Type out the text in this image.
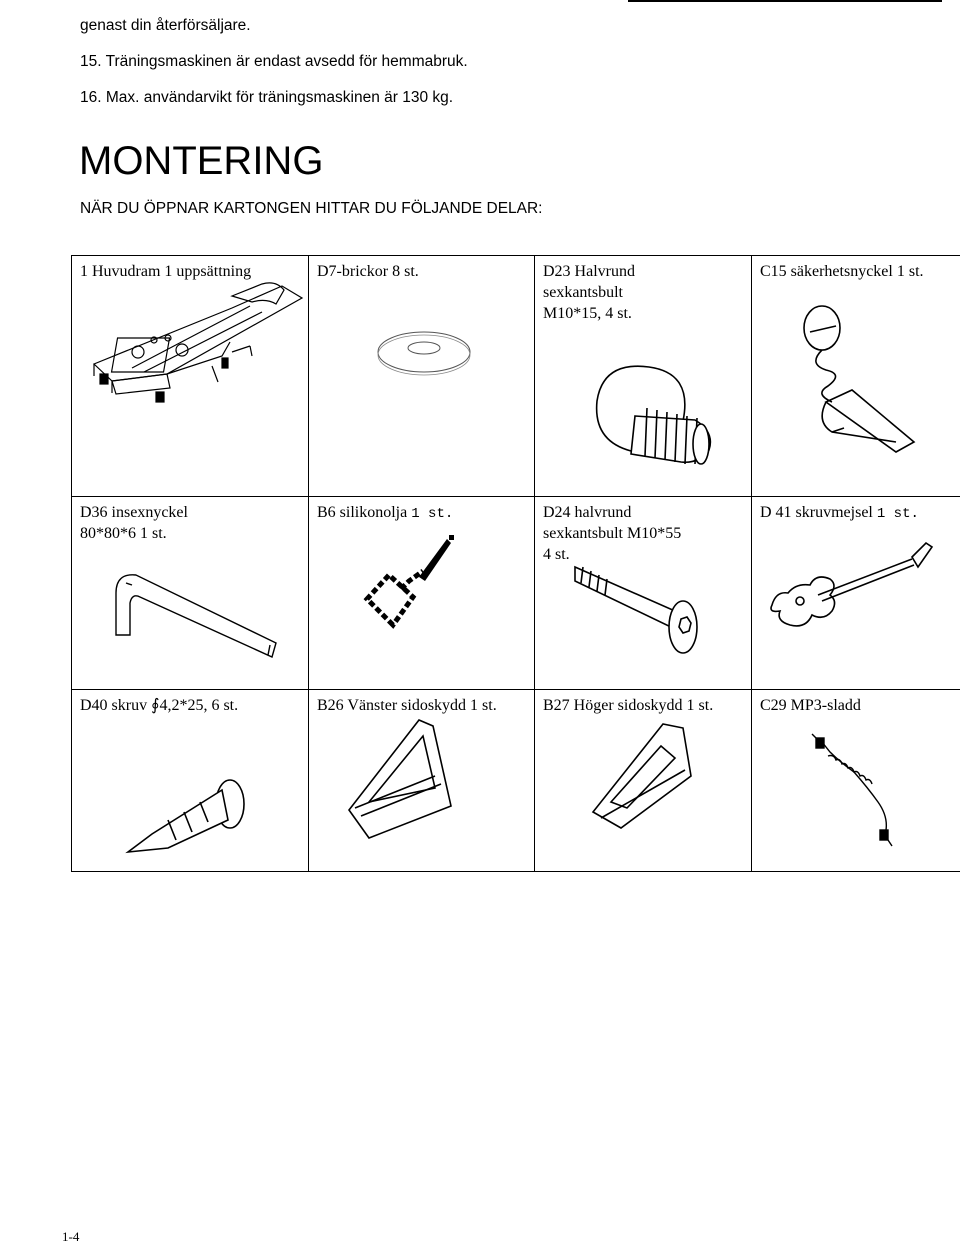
genast din återförsäljare.
15. Träningsmaskinen är endast avsedd för hemmabruk.
16. Max. användarvikt för träningsmaskinen är 130 kg.
MONTERING
NÄR DU ÖPPNAR KARTONGEN HITTAR DU FÖLJANDE DELAR:
1 Huvudram 1 uppsättning	D7-brickor 8 st.	D23 Halvrund
sexkantsbult
M10*15, 4 st.	C15 säkerhetsnyckel 1 st.

D36 insexnyckel
80*80*6 1 st.	B6 silikonolja 1 st.	D24 halvrund
sexkantsbult M10*55
4 st.	D 41 skruvmejsel 1 st.

D40 skruv ∮4,2*25, 6 st.	B26 Vänster sidoskydd 1 st.	B27 Höger sidoskydd 1 st.	C29 MP3-sladd
1-4
